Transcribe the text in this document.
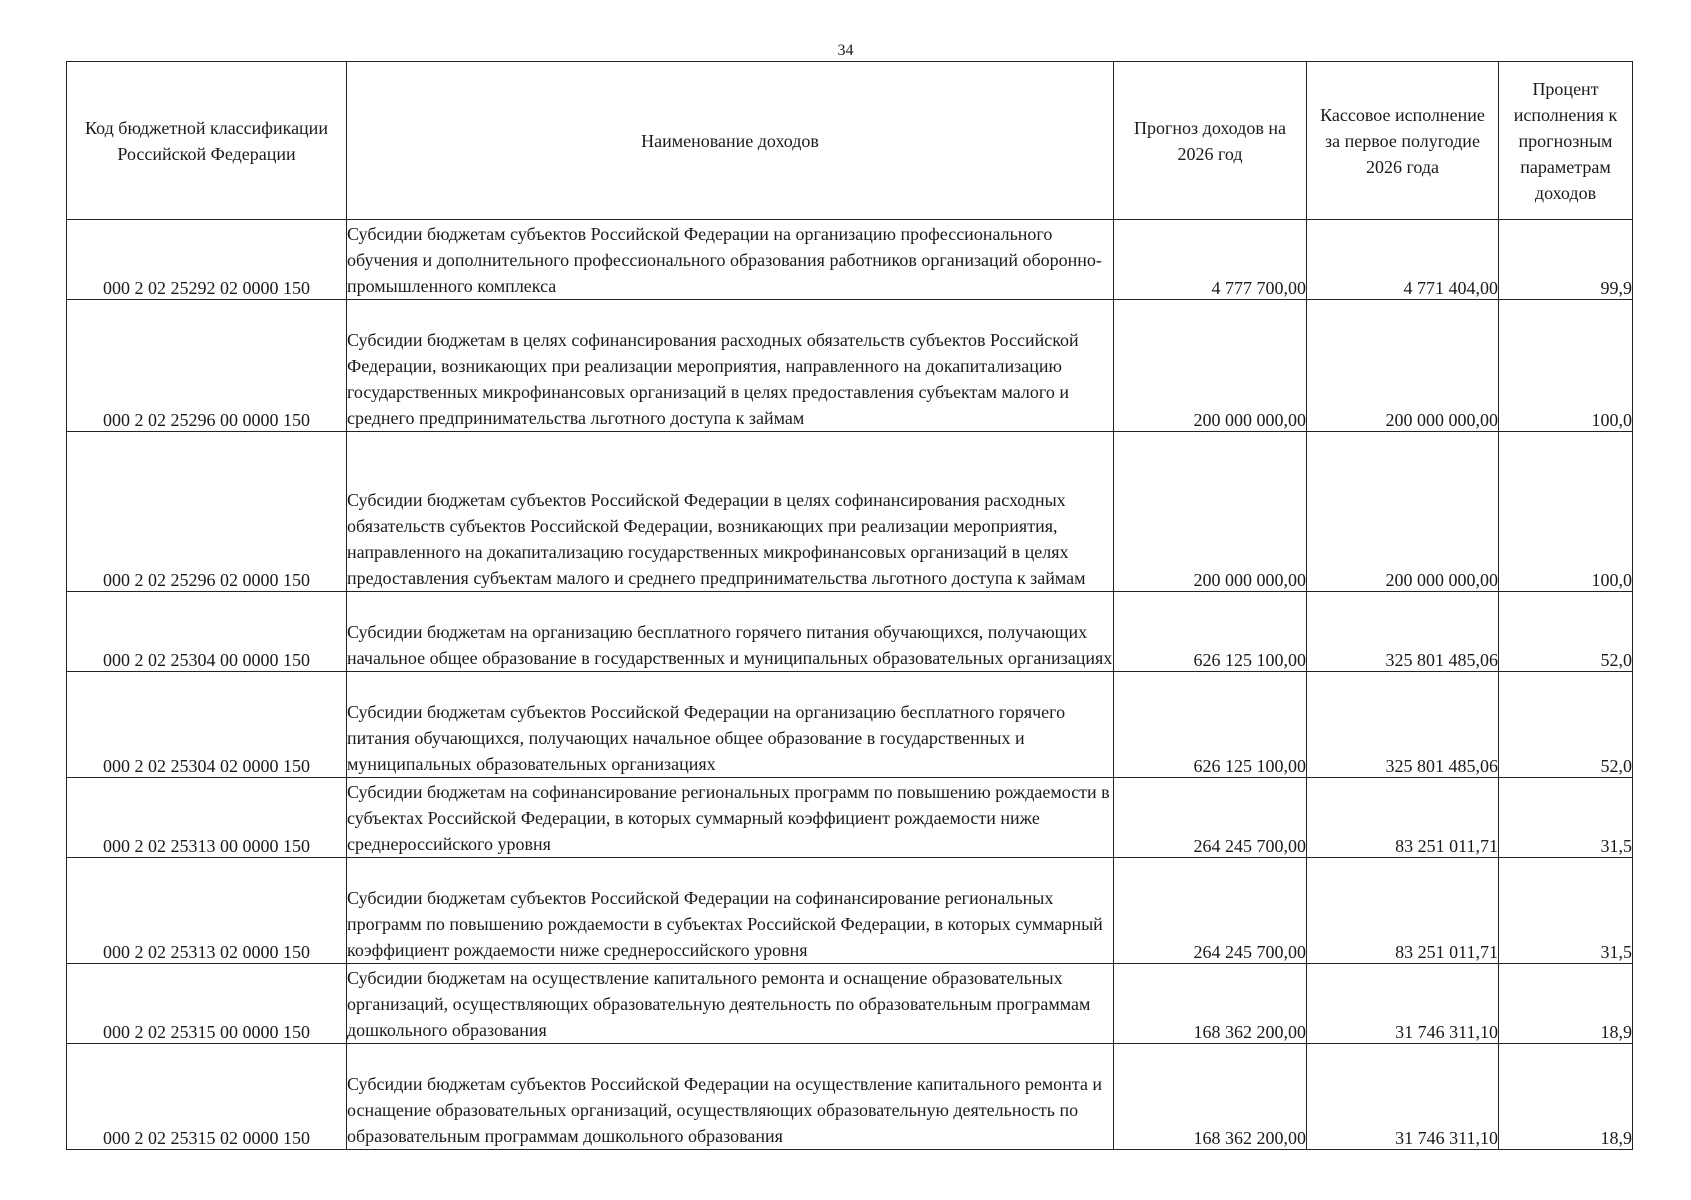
34
Код бюджетной классификации Российской Федерации	Наименование доходов	Прогноз доходов на 2026 год	Кассовое исполнение за первое полугодие 2026 года	Процент исполнения к прогнозным параметрам доходов
000 2 02 25292 02 0000 150	Субсидии бюджетам субъектов Российской Федерации на организацию профессионального обучения и дополнительного профессионального образования работников организаций оборонно-промышленного комплекса	4 777 700,00	4 771 404,00	99,9
000 2 02 25296 00 0000 150	Субсидии бюджетам в целях софинансирования расходных обязательств субъектов Российской Федерации, возникающих при реализации мероприятия, направленного на докапитализацию государственных микрофинансовых организаций в целях предоставления субъектам малого и среднего предпринимательства льготного доступа к займам	200 000 000,00	200 000 000,00	100,0
000 2 02 25296 02 0000 150	Субсидии бюджетам субъектов Российской Федерации в целях софинансирования расходных обязательств субъектов Российской Федерации, возникающих при реализации мероприятия, направленного на докапитализацию государственных микрофинансовых организаций в целях предоставления субъектам малого и среднего предпринимательства льготного доступа к займам	200 000 000,00	200 000 000,00	100,0
000 2 02 25304 00 0000 150	Субсидии бюджетам на организацию бесплатного горячего питания обучающихся, получающих начальное общее образование в государственных и муниципальных образовательных организациях	626 125 100,00	325 801 485,06	52,0
000 2 02 25304 02 0000 150	Субсидии бюджетам субъектов Российской Федерации на организацию бесплатного горячего питания обучающихся, получающих начальное общее образование в государственных и муниципальных образовательных организациях	626 125 100,00	325 801 485,06	52,0
000 2 02 25313 00 0000 150	Субсидии бюджетам на софинансирование региональных программ по повышению рождаемости в субъектах Российской Федерации, в которых суммарный коэффициент рождаемости ниже среднероссийского уровня	264 245 700,00	83 251 011,71	31,5
000 2 02 25313 02 0000 150	Субсидии бюджетам субъектов Российской Федерации на софинансирование региональных программ по повышению рождаемости в субъектах Российской Федерации, в которых суммарный коэффициент рождаемости ниже среднероссийского уровня	264 245 700,00	83 251 011,71	31,5
000 2 02 25315 00 0000 150	Субсидии бюджетам на осуществление капитального ремонта и оснащение образовательных организаций, осуществляющих образовательную деятельность по образовательным программам дошкольного образования	168 362 200,00	31 746 311,10	18,9
000 2 02 25315 02 0000 150	Субсидии бюджетам субъектов Российской Федерации на осуществление капитального ремонта и оснащение образовательных организаций, осуществляющих образовательную деятельность по образовательным программам дошкольного образования	168 362 200,00	31 746 311,10	18,9
